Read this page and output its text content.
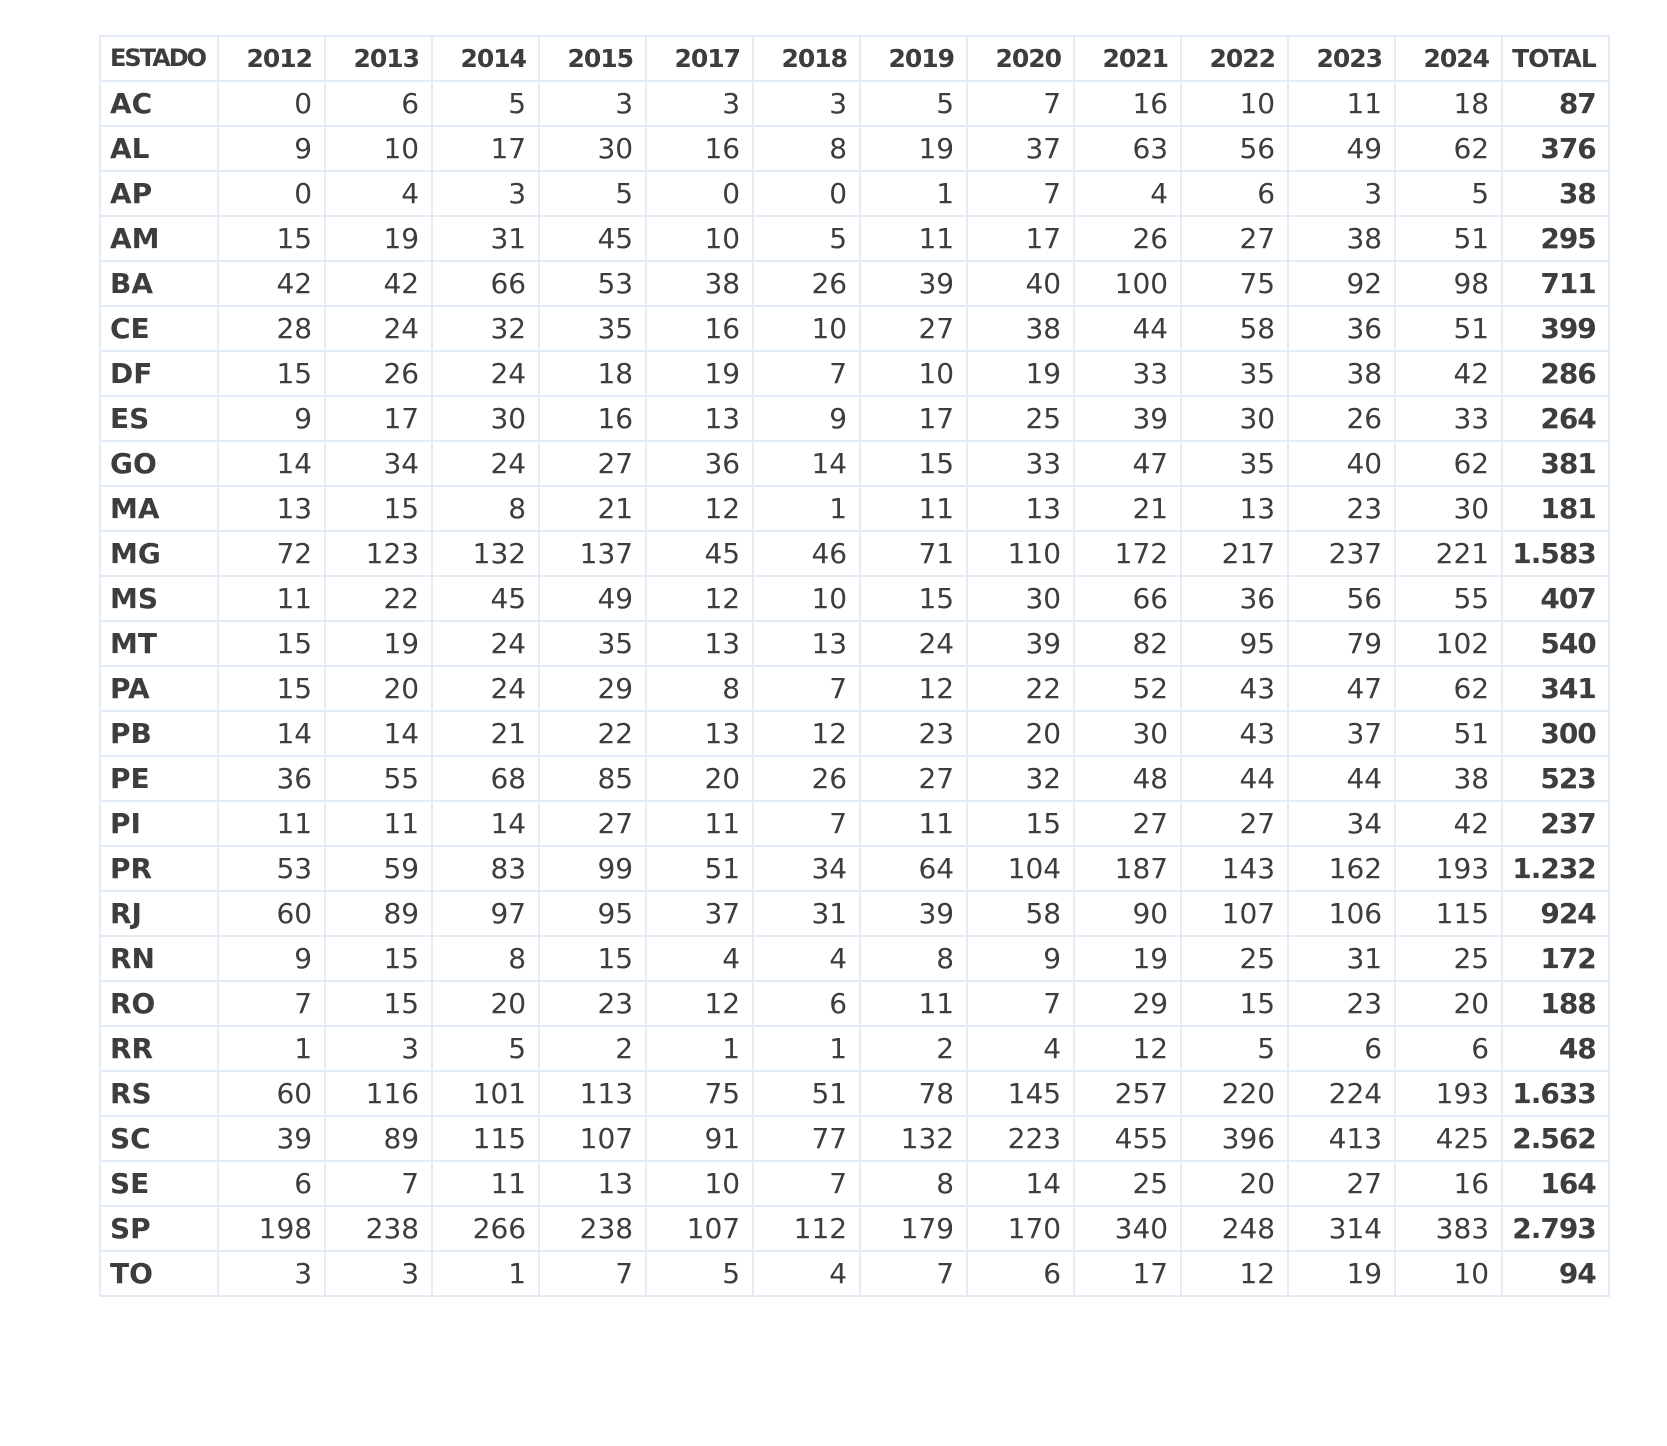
ESTADO	2012	2013	2014	2015	2017	2018	2019	2020	2021	2022	2023	2024	TOTAL
AC	0	6	5	3	3	3	5	7	16	10	11	18	87
AL	9	10	17	30	16	8	19	37	63	56	49	62	376
AP	0	4	3	5	0	0	1	7	4	6	3	5	38
AM	15	19	31	45	10	5	11	17	26	27	38	51	295
BA	42	42	66	53	38	26	39	40	100	75	92	98	711
CE	28	24	32	35	16	10	27	38	44	58	36	51	399
DF	15	26	24	18	19	7	10	19	33	35	38	42	286
ES	9	17	30	16	13	9	17	25	39	30	26	33	264
GO	14	34	24	27	36	14	15	33	47	35	40	62	381
MA	13	15	8	21	12	1	11	13	21	13	23	30	181
MG	72	123	132	137	45	46	71	110	172	217	237	221	1.583
MS	11	22	45	49	12	10	15	30	66	36	56	55	407
MT	15	19	24	35	13	13	24	39	82	95	79	102	540
PA	15	20	24	29	8	7	12	22	52	43	47	62	341
PB	14	14	21	22	13	12	23	20	30	43	37	51	300
PE	36	55	68	85	20	26	27	32	48	44	44	38	523
PI	11	11	14	27	11	7	11	15	27	27	34	42	237
PR	53	59	83	99	51	34	64	104	187	143	162	193	1.232
RJ	60	89	97	95	37	31	39	58	90	107	106	115	924
RN	9	15	8	15	4	4	8	9	19	25	31	25	172
RO	7	15	20	23	12	6	11	7	29	15	23	20	188
RR	1	3	5	2	1	1	2	4	12	5	6	6	48
RS	60	116	101	113	75	51	78	145	257	220	224	193	1.633
SC	39	89	115	107	91	77	132	223	455	396	413	425	2.562
SE	6	7	11	13	10	7	8	14	25	20	27	16	164
SP	198	238	266	238	107	112	179	170	340	248	314	383	2.793
TO	3	3	1	7	5	4	7	6	17	12	19	10	94
